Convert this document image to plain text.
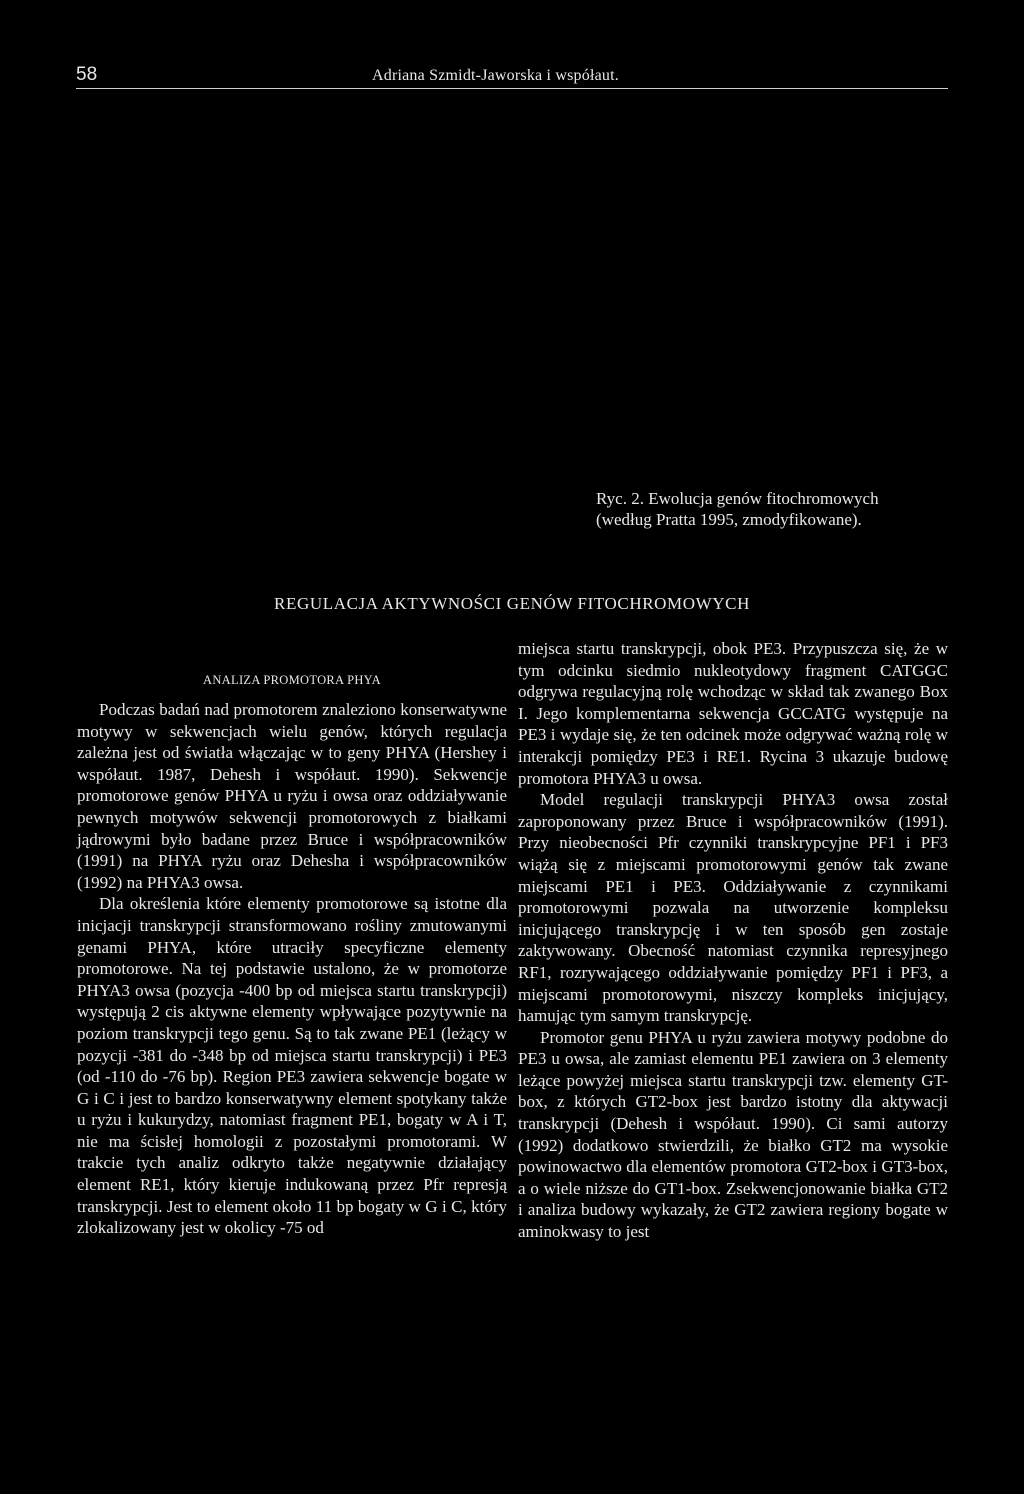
58	Adriana Szmidt-Jaworska i współaut.
Ryc. 2. Ewolucja genów fitochromowych
(według Pratta 1995, zmodyfikowane).
REGULACJA AKTYWNOŚCI GENÓW FITOCHROMOWYCH
ANALIZA PROMOTORA PHYA

Podczas badań nad promotorem znaleziono konserwatywne motywy w sekwencjach wielu genów, których regulacja zależna jest od światła włączając w to geny PHYA (Hershey i współaut. 1987, Dehesh i współaut. 1990). Sekwencje promotorowe genów PHYA u ryżu i owsa oraz oddziaływanie pewnych motywów sekwencji promotorowych z białkami jądrowymi było badane przez Bruce i współpracowników (1991) na PHYA ryżu oraz Dehesha i współpracowników (1992) na PHYA3 owsa.

Dla określenia które elementy promotorowe są istotne dla inicjacji transkrypcji stransformowano rośliny zmutowanymi genami PHYA, które utraciły specyficzne elementy promotorowe. Na tej podstawie ustalono, że w promotorze PHYA3 owsa (pozycja -400 bp od miejsca startu transkrypcji) występują 2 cis aktywne elementy wpływające pozytywnie na poziom transkrypcji tego genu. Są to tak zwane PE1 (leżący w pozycji -381 do -348 bp od miejsca startu transkrypcji) i PE3 (od -110 do -76 bp). Region PE3 zawiera sekwencje bogate w G i C i jest to bardzo konserwatywny element spotykany także u ryżu i kukurydzy, natomiast fragment PE1, bogaty w A i T, nie ma ścisłej homologii z pozostałymi promotorami. W trakcie tych analiz odkryto także negatywnie działający element RE1, który kieruje indukowaną przez Pfr represją transkrypcji. Jest to element około 11 bp bogaty w G i C, który zlokalizowany jest w okolicy -75 od

miejsca startu transkrypcji, obok PE3. Przypuszcza się, że w tym odcinku siedmio nukleotydowy fragment CATGGC odgrywa regulacyjną rolę wchodząc w skład tak zwanego Box I. Jego komplementarna sekwencja GCCATG występuje na PE3 i wydaje się, że ten odcinek może odgrywać ważną rolę w interakcji pomiędzy PE3 i RE1. Rycina 3 ukazuje budowę promotora PHYA3 u owsa.

Model regulacji transkrypcji PHYA3 owsa został zaproponowany przez Bruce i współpracowników (1991). Przy nieobecności Pfr czynniki transkrypcyjne PF1 i PF3 wiążą się z miejscami promotorowymi genów tak zwane miejscami PE1 i PE3. Oddziaływanie z czynnikami promotorowymi pozwala na utworzenie kompleksu inicjującego transkrypcję i w ten sposób gen zostaje zaktywowany. Obecność natomiast czynnika represyjnego RF1, rozrywającego oddziaływanie pomiędzy PF1 i PF3, a miejscami promotorowymi, niszczy kompleks inicjujący, hamując tym samym transkrypcję.

Promotor genu PHYA u ryżu zawiera motywy podobne do PE3 u owsa, ale zamiast elementu PE1 zawiera on 3 elementy leżące powyżej miejsca startu transkrypcji tzw. elementy GT-box, z których GT2-box jest bardzo istotny dla aktywacji transkrypcji (Dehesh i współaut. 1990). Ci sami autorzy (1992) dodatkowo stwierdzili, że białko GT2 ma wysokie powinowactwo dla elementów promotora GT2-box i GT3-box, a o wiele niższe do GT1-box. Zsekwencjonowanie białka GT2 i analiza budowy wykazały, że GT2 zawiera regiony bogate w aminokwasy to jest
